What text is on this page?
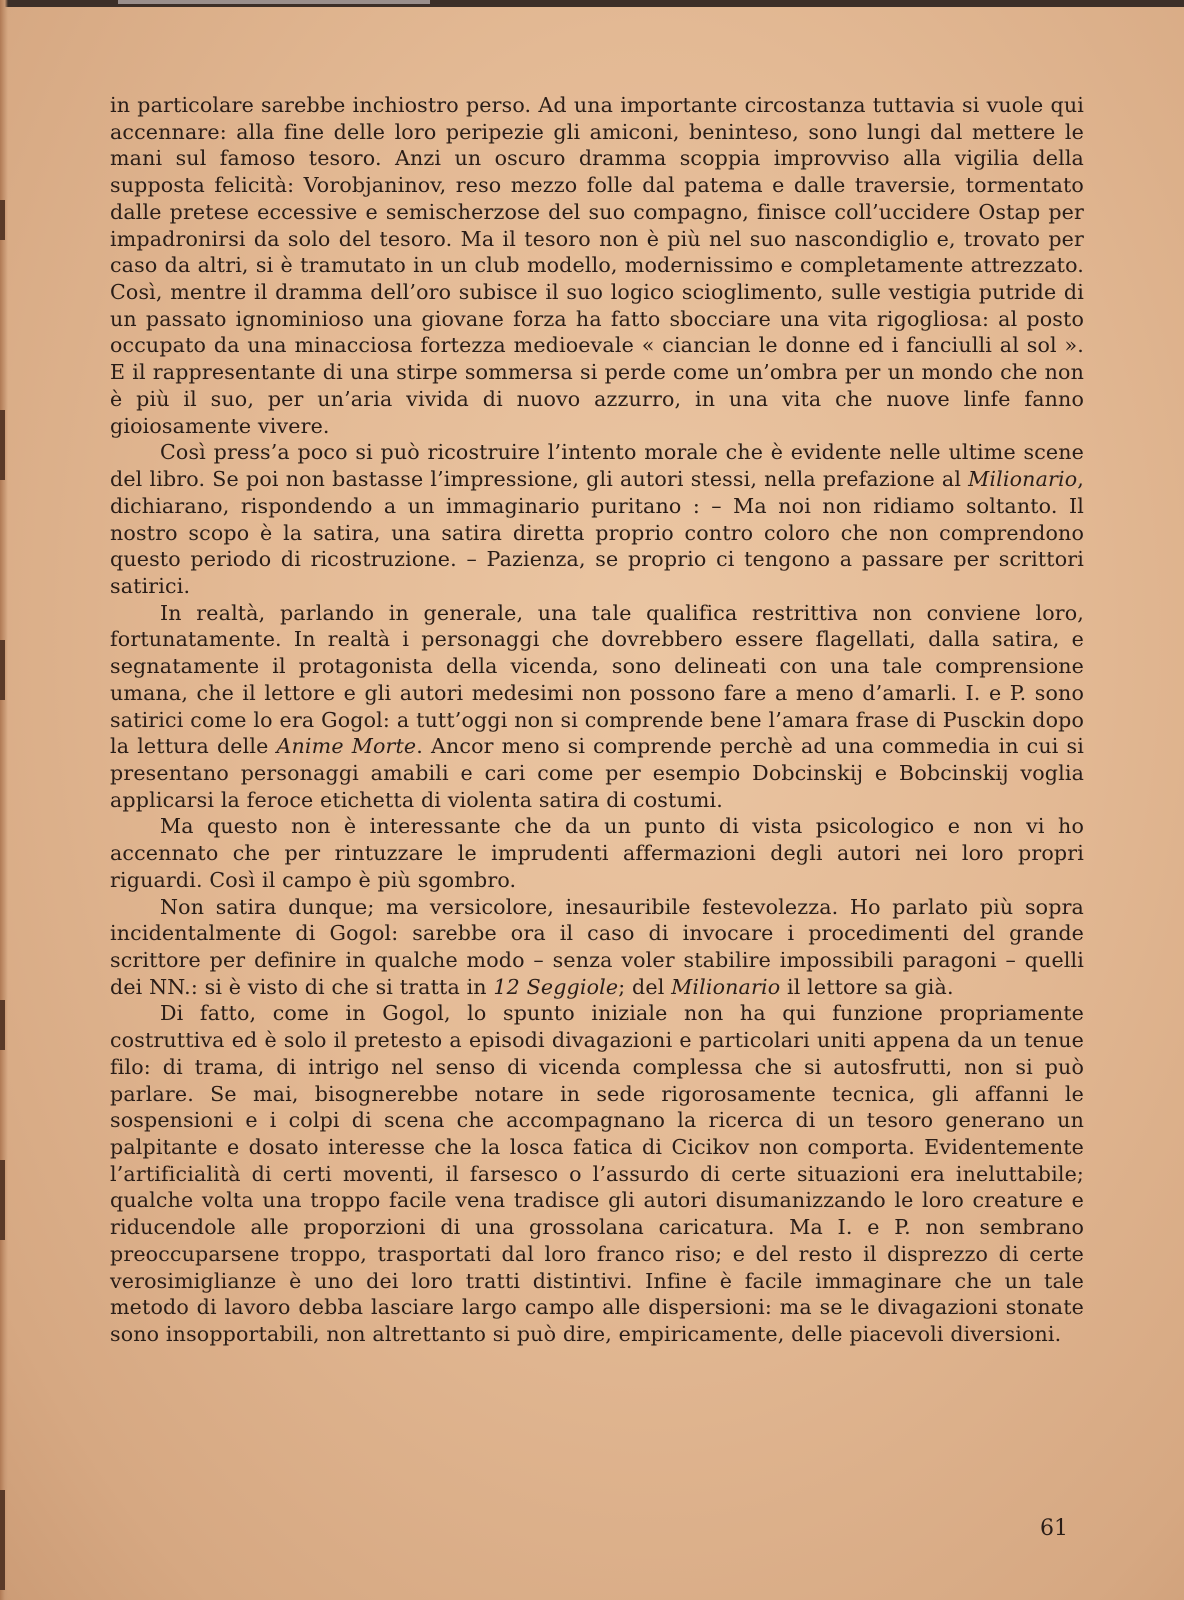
in particolare sarebbe inchiostro perso. Ad una importante circostanza tuttavia si vuole qui accennare: alla fine delle loro peripezie gli amiconi, beninteso, sono lungi dal mettere le mani sul famoso tesoro. Anzi un oscuro dramma scoppia improvviso alla vigilia della supposta felicità: Vorobjaninov, reso mezzo folle dal patema e dalle traversie, tormentato dalle pretese eccessive e semischerzose del suo compagno, finisce coll’uccidere Ostap per impadronirsi da solo del tesoro. Ma il tesoro non è più nel suo nascondiglio e, trovato per caso da altri, si è tramutato in un club modello, modernissimo e completamente attrezzato. Così, mentre il dramma dell’oro subisce il suo logico scioglimento, sulle vestigia putride di un passato ignominioso una giovane forza ha fatto sbocciare una vita rigogliosa: al posto occupato da una minacciosa fortezza medioevale « ciancian le donne ed i fanciulli al sol ». E il rappresentante di una stirpe sommersa si perde come un’ombra per un mondo che non è più il suo, per un’aria vivida di nuovo azzurro, in una vita che nuove linfe fanno gioiosamente vivere.

Così press’a poco si può ricostruire l’intento morale che è evidente nelle ultime scene del libro. Se poi non bastasse l’impressione, gli autori stessi, nella prefazione al Milionario, dichiarano, rispondendo a un immaginario puritano : – Ma noi non ridiamo soltanto. Il nostro scopo è la satira, una satira diretta proprio contro coloro che non comprendono questo periodo di ricostruzione. – Pazienza, se proprio ci tengono a passare per scrittori satirici.

In realtà, parlando in generale, una tale qualifica restrittiva non conviene loro, fortunatamente. In realtà i personaggi che dovrebbero essere flagellati, dalla satira, e segnatamente il protagonista della vicenda, sono delineati con una tale comprensione umana, che il lettore e gli autori medesimi non possono fare a meno d’amarli. I. e P. sono satirici come lo era Gogol: a tutt’oggi non si comprende bene l’amara frase di Pusckin dopo la lettura delle Anime Morte. Ancor meno si comprende perchè ad una commedia in cui si presentano personaggi amabili e cari come per esempio Dobcinskij e Bobcinskij voglia applicarsi la feroce etichetta di violenta satira di costumi.

Ma questo non è interessante che da un punto di vista psicologico e non vi ho accennato che per rintuzzare le imprudenti affermazioni degli autori nei loro propri riguardi. Così il campo è più sgombro.

Non satira dunque; ma versicolore, inesauribile festevolezza. Ho parlato più sopra incidentalmente di Gogol: sarebbe ora il caso di invocare i procedimenti del grande scrittore per definire in qualche modo – senza voler stabilire impossibili paragoni – quelli dei NN.: si è visto di che si tratta in 12 Seggiole; del Milionario il lettore sa già.

Di fatto, come in Gogol, lo spunto iniziale non ha qui funzione propriamente costruttiva ed è solo il pretesto a episodi divagazioni e particolari uniti appena da un tenue filo: di trama, di intrigo nel senso di vicenda complessa che si autosfrutti, non si può parlare. Se mai, bisognerebbe notare in sede rigorosamente tecnica, gli affanni le sospensioni e i colpi di scena che accompagnano la ricerca di un tesoro generano un palpitante e dosato interesse che la losca fatica di Cicikov non comporta. Evidentemente l’artificialità di certi moventi, il farsesco o l’assurdo di certe situazioni era ineluttabile; qualche volta una troppo facile vena tradisce gli autori disumanizzando le loro creature e riducendole alle proporzioni di una grossolana caricatura. Ma I. e P. non sembrano preoccuparsene troppo, trasportati dal loro franco riso; e del resto il disprezzo di certe verosimiglianze è uno dei loro tratti distintivi. Infine è facile immaginare che un tale metodo di lavoro debba lasciare largo campo alle dispersioni: ma se le divagazioni stonate sono insopportabili, non altrettanto si può dire, empiricamente, delle piacevoli diversioni.

61
